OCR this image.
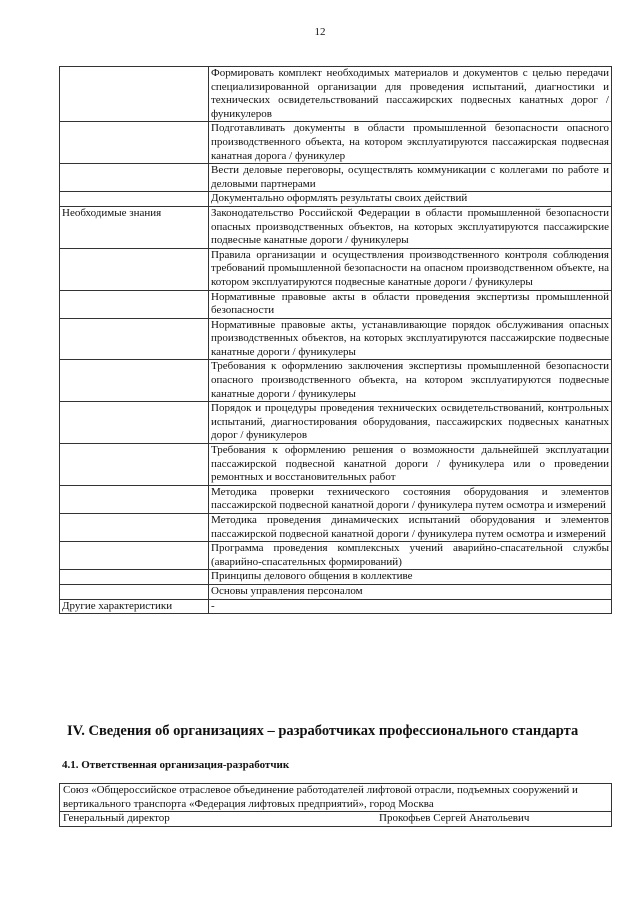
12
	Формировать комплект необходимых материалов и документов с целью передачи специализированной организации для проведения испытаний, диагностики и технических освидетельствований пассажирских подвесных канатных дорог / фуникулеров
	Подготавливать документы в области промышленной безопасности опасного производственного объекта, на котором эксплуатируются пассажирская подвесная канатная дорога / фуникулер
	Вести деловые переговоры, осуществлять коммуникации с коллегами по работе и деловыми партнерами
	Документально оформлять результаты своих действий
Необходимые знания	Законодательство Российской Федерации в области промышленной безопасности опасных производственных объектов, на которых эксплуатируются пассажирские подвесные канатные дороги / фуникулеры
	Правила организации и осуществления производственного контроля соблюдения требований промышленной безопасности на опасном производственном объекте, на котором эксплуатируются подвесные канатные дороги / фуникулеры
	Нормативные правовые акты в области проведения экспертизы промышленной безопасности
	Нормативные правовые акты, устанавливающие порядок обслуживания опасных производственных объектов, на которых эксплуатируются пассажирские подвесные канатные дороги / фуникулеры
	Требования к оформлению заключения экспертизы промышленной безопасности опасного производственного объекта, на котором эксплуатируются подвесные канатные дороги / фуникулеры
	Порядок и процедуры проведения технических освидетельствований, контрольных испытаний, диагностирования оборудования, пассажирских подвесных канатных дорог / фуникулеров
	Требования к оформлению решения о возможности дальнейшей эксплуатации пассажирской подвесной канатной дороги / фуникулера или о проведении ремонтных и восстановительных работ
	Методика проверки технического состояния оборудования и элементов пассажирской подвесной канатной дороги / фуникулера путем осмотра и измерений
	Методика проведения динамических испытаний оборудования и элементов пассажирской подвесной канатной дороги / фуникулера путем осмотра и измерений
	Программа проведения комплексных учений аварийно-спасательной службы (аварийно-спасательных формирований)
	Принципы делового общения в коллективе
	Основы управления персоналом
Другие характеристики	-
IV. Сведения об организациях – разработчиках профессионального стандарта
4.1. Ответственная организация-разработчик
Союз «Общероссийское отраслевое объединение работодателей лифтовой отрасли, подъемных сооружений и вертикального транспорта «Федерация лифтовых предприятий», город Москва

Генеральный директор	Прокофьев Сергей Анатольевич
